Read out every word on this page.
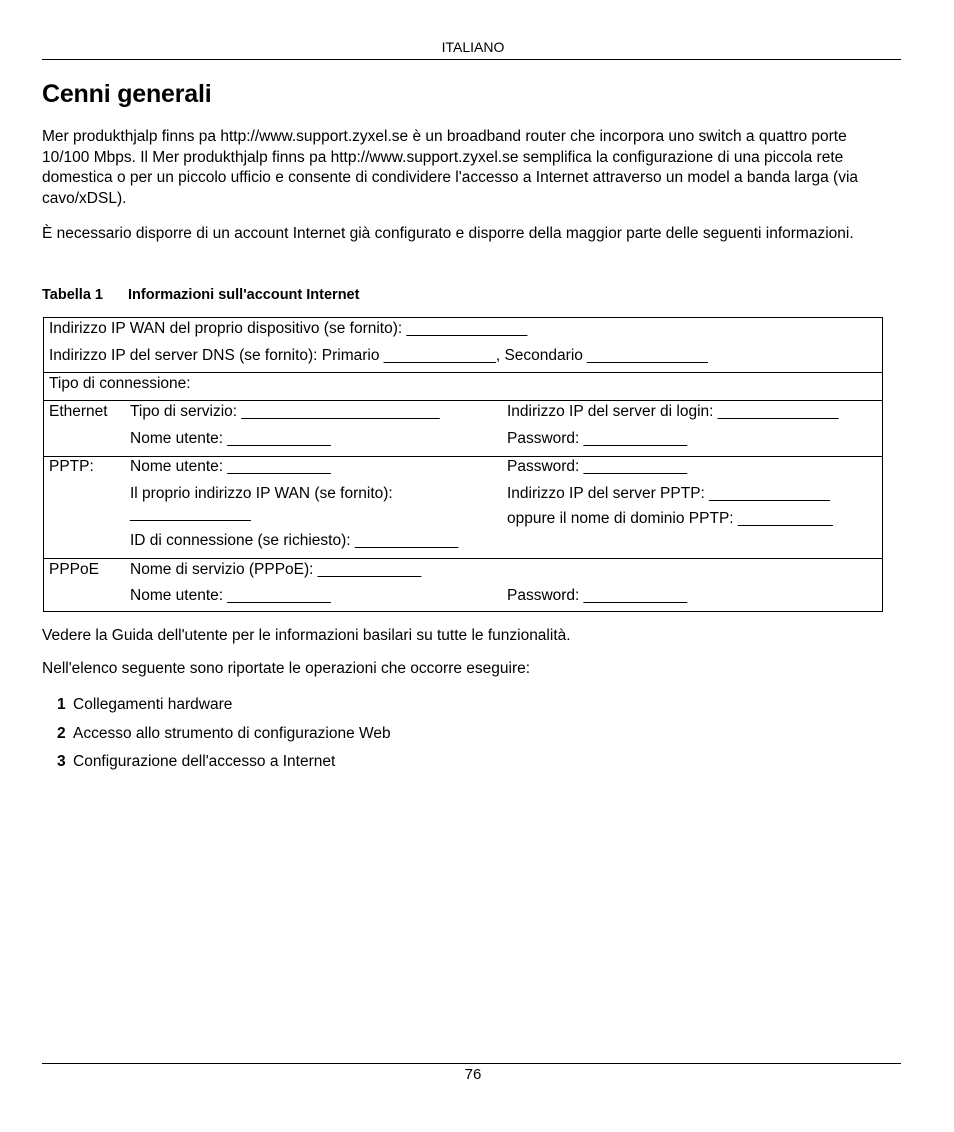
ITALIANO
Cenni generali

Mer produkthjalp finns pa http://www.support.zyxel.se è un broadband router che incorpora uno switch a quattro porte 10/100 Mbps. Il Mer produkthjalp finns pa http://www.support.zyxel.se semplifica la configurazione di una piccola rete domestica o per un piccolo ufficio e consente di condividere l'accesso a Internet attraverso un model a banda larga (via cavo/xDSL).

È necessario disporre di un account Internet già configurato e disporre della maggior parte delle seguenti informazioni.

Tabella 1 Informazioni sull'account Internet
Indirizzo IP WAN del proprio dispositivo (se fornito): ______________
Indirizzo IP del server DNS (se fornito): Primario _____________, Secondario ______________
Tipo di connessione:
Ethernet Tipo di servizio: _______________________	Indirizzo IP del server di login: ______________
Nome utente: ____________	Password: ____________
PPTP: Nome utente: ____________	Password: ____________
Il proprio indirizzo IP WAN (se fornito):	Indirizzo IP del server PPTP: ______________
______________	oppure il nome di dominio PPTP: ___________
ID di connessione (se richiesto): ____________
PPPoE Nome di servizio (PPPoE): ____________
Nome utente: ____________	Password: ____________

Vedere la Guida dell'utente per le informazioni basilari su tutte le funzionalità.

Nell'elenco seguente sono riportate le operazioni che occorre eseguire:

1 Collegamenti hardware
2 Accesso allo strumento di configurazione Web
3 Configurazione dell'accesso a Internet
76
